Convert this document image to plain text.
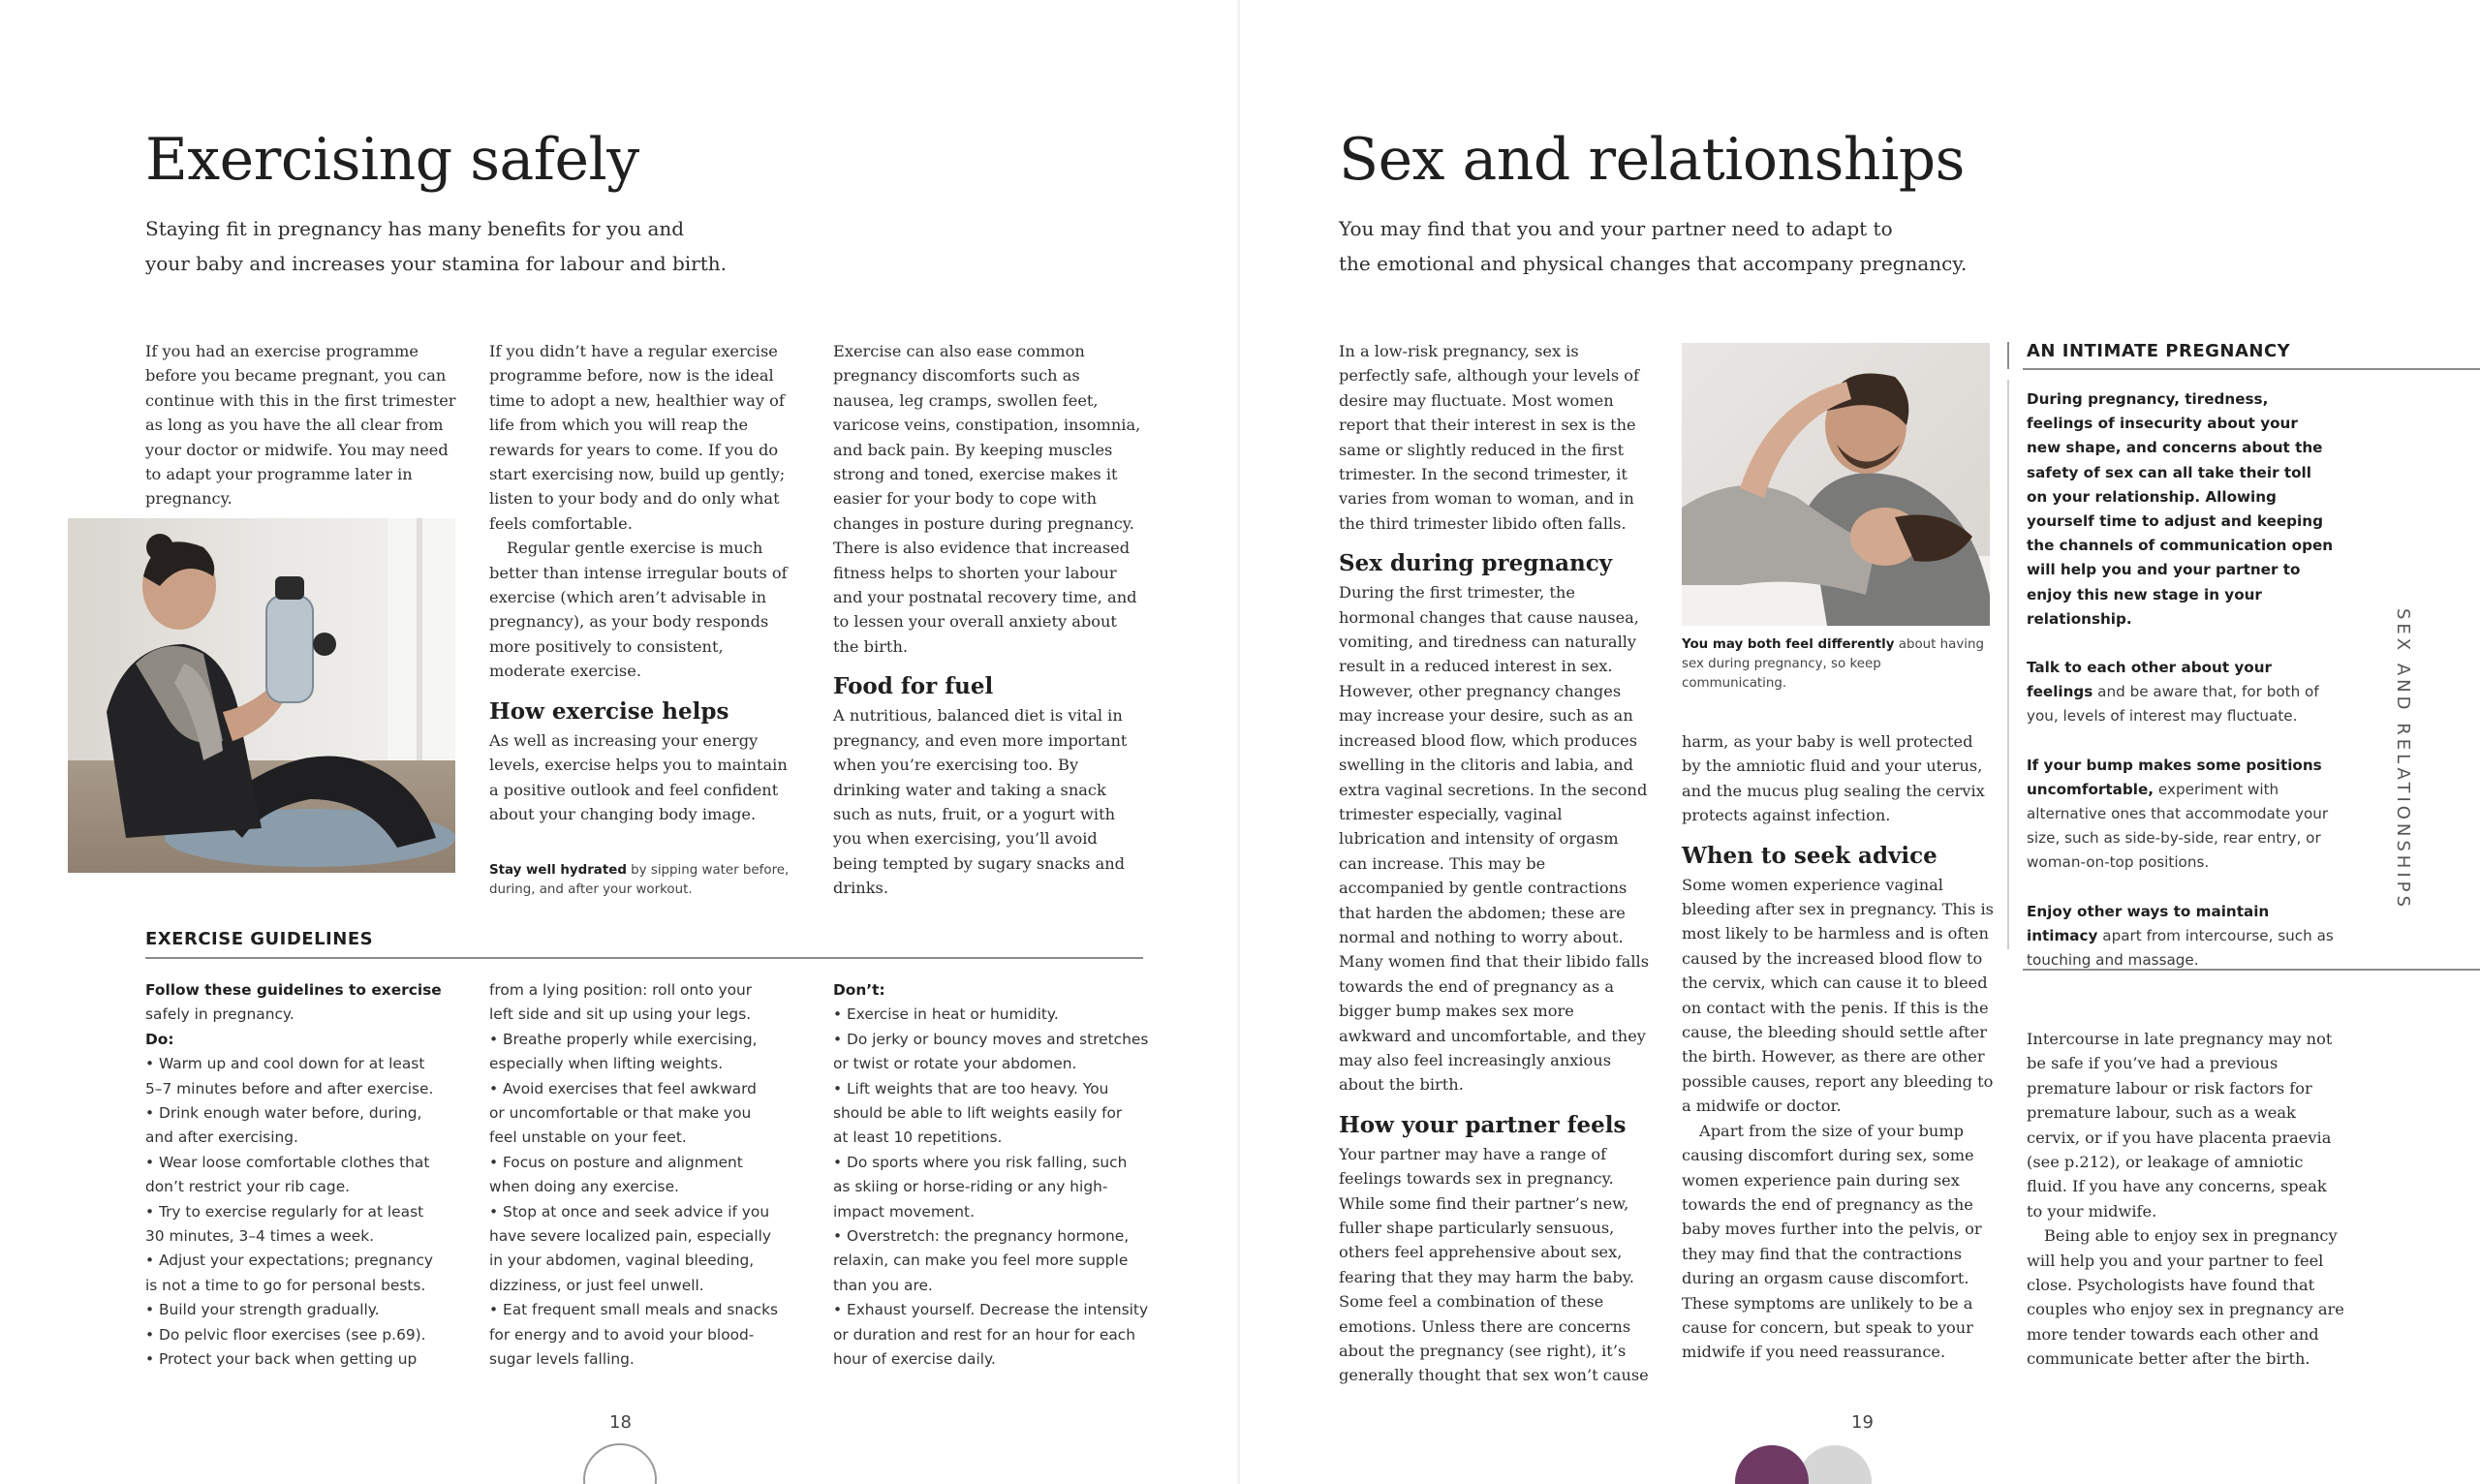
Exercising safely
Staying fit in pregnancy has many benefits for you and
your baby and increases your stamina for labour and birth.

If you had an exercise programme before you became pregnant, you can continue with this in the first trimester as long as you have the all clear from your doctor or midwife. You may need to adapt your programme later in pregnancy.

If you didn’t have a regular exercise programme before, now is the ideal time to adopt a new, healthier way of life from which you will reap the rewards for years to come. If you do start exercising now, build up gently; listen to your body and do only what feels comfortable.

Regular gentle exercise is much better than intense irregular bouts of exercise (which aren’t advisable in pregnancy), as your body responds more positively to consistent, moderate exercise.

How exercise helps

As well as increasing your energy levels, exercise helps you to maintain a positive outlook and feel confident about your changing body image.

Stay well hydrated by sipping water before, during, and after your workout.

Exercise can also ease common pregnancy discomforts such as nausea, leg cramps, swollen feet, varicose veins, constipation, insomnia, and back pain. By keeping muscles strong and toned, exercise makes it easier for your body to cope with changes in posture during pregnancy. There is also evidence that increased fitness helps to shorten your labour and your postnatal recovery time, and to lessen your overall anxiety about the birth.

Food for fuel

A nutritious, balanced diet is vital in pregnancy, and even more important when you’re exercising too. By drinking water and taking a snack such as nuts, fruit, or a yogurt with you when exercising, you’ll avoid being tempted by sugary snacks and drinks.

EXERCISE GUIDELINES
Follow these guidelines to exercise
safely in pregnancy.
Do:
• Warm up and cool down for at least
5–7 minutes before and after exercise.
• Drink enough water before, during,
and after exercising.
• Wear loose comfortable clothes that
don’t restrict your rib cage.
• Try to exercise regularly for at least
30 minutes, 3–4 times a week.
• Adjust your expectations; pregnancy
is not a time to go for personal bests.
• Build your strength gradually.
• Do pelvic floor exercises (see p.69).
• Protect your back when getting up
from a lying position: roll onto your
left side and sit up using your legs.
• Breathe properly while exercising,
especially when lifting weights.
• Avoid exercises that feel awkward
or uncomfortable or that make you
feel unstable on your feet.
• Focus on posture and alignment
when doing any exercise.
• Stop at once and seek advice if you
have severe localized pain, especially
in your abdomen, vaginal bleeding,
dizziness, or just feel unwell.
• Eat frequent small meals and snacks
for energy and to avoid your blood-
sugar levels falling.
Don’t:
• Exercise in heat or humidity.
• Do jerky or bouncy moves and stretches
or twist or rotate your abdomen.
• Lift weights that are too heavy. You
should be able to lift weights easily for
at least 10 repetitions.
• Do sports where you risk falling, such
as skiing or horse-riding or any high-
impact movement.
• Overstretch: the pregnancy hormone,
relaxin, can make you feel more supple
than you are.
• Exhaust yourself. Decrease the intensity
or duration and rest for an hour for each
hour of exercise daily.
18
Sex and relationships
You may find that you and your partner need to adapt to
the emotional and physical changes that accompany pregnancy.

In a low-risk pregnancy, sex is perfectly safe, although your levels of desire may fluctuate. Most women report that their interest in sex is the same or slightly reduced in the first trimester. In the second trimester, it varies from woman to woman, and in the third trimester libido often falls.

Sex during pregnancy

During the first trimester, the hormonal changes that cause nausea, vomiting, and tiredness can naturally result in a reduced interest in sex. However, other pregnancy changes may increase your desire, such as an increased blood flow, which produces swelling in the clitoris and labia, and extra vaginal secretions. In the second trimester especially, vaginal lubrication and intensity of orgasm can increase. This may be accompanied by gentle contractions that harden the abdomen; these are normal and nothing to worry about. Many women find that their libido falls towards the end of pregnancy as a bigger bump makes sex more awkward and uncomfortable, and they may also feel increasingly anxious about the birth.

How your partner feels

Your partner may have a range of feelings towards sex in pregnancy. While some find their partner’s new, fuller shape particularly sensuous, others feel apprehensive about sex, fearing that they may harm the baby. Some feel a combination of these emotions. Unless there are concerns about the pregnancy (see right), it’s generally thought that sex won’t cause

You may both feel differently about having sex during pregnancy, so keep communicating.

harm, as your baby is well protected by the amniotic fluid and your uterus, and the mucus plug sealing the cervix protects against infection.

When to seek advice

Some women experience vaginal bleeding after sex in pregnancy. This is most likely to be harmless and is often caused by the increased blood flow to the cervix, which can cause it to bleed on contact with the penis. If this is the cause, the bleeding should settle after the birth. However, as there are other possible causes, report any bleeding to a midwife or doctor.

Apart from the size of your bump causing discomfort during sex, some women experience pain during sex towards the end of pregnancy as the baby moves further into the pelvis, or they may find that the contractions during an orgasm cause discomfort. These symptoms are unlikely to be a cause for concern, but speak to your midwife if you need reassurance.

AN INTIMATE PREGNANCY

During pregnancy, tiredness, feelings of insecurity about your new shape, and concerns about the safety of sex can all take their toll on your relationship. Allowing yourself time to adjust and keeping the channels of communication open will help you and your partner to enjoy this new stage in your relationship.

Talk to each other about your feelings and be aware that, for both of you, levels of interest may fluctuate.

If your bump makes some positions uncomfortable, experiment with alternative ones that accommodate your size, such as side-by-side, rear entry, or woman-on-top positions.

Enjoy other ways to maintain intimacy apart from intercourse, such as touching and massage.

Intercourse in late pregnancy may not be safe if you’ve had a previous premature labour or risk factors for premature labour, such as a weak cervix, or if you have placenta praevia (see p.212), or leakage of amniotic fluid. If you have any concerns, speak to your midwife.

Being able to enjoy sex in pregnancy will help you and your partner to feel close. Psychologists have found that couples who enjoy sex in pregnancy are more tender towards each other and communicate better after the birth.

SEX AND RELATIONSHIPS
19
